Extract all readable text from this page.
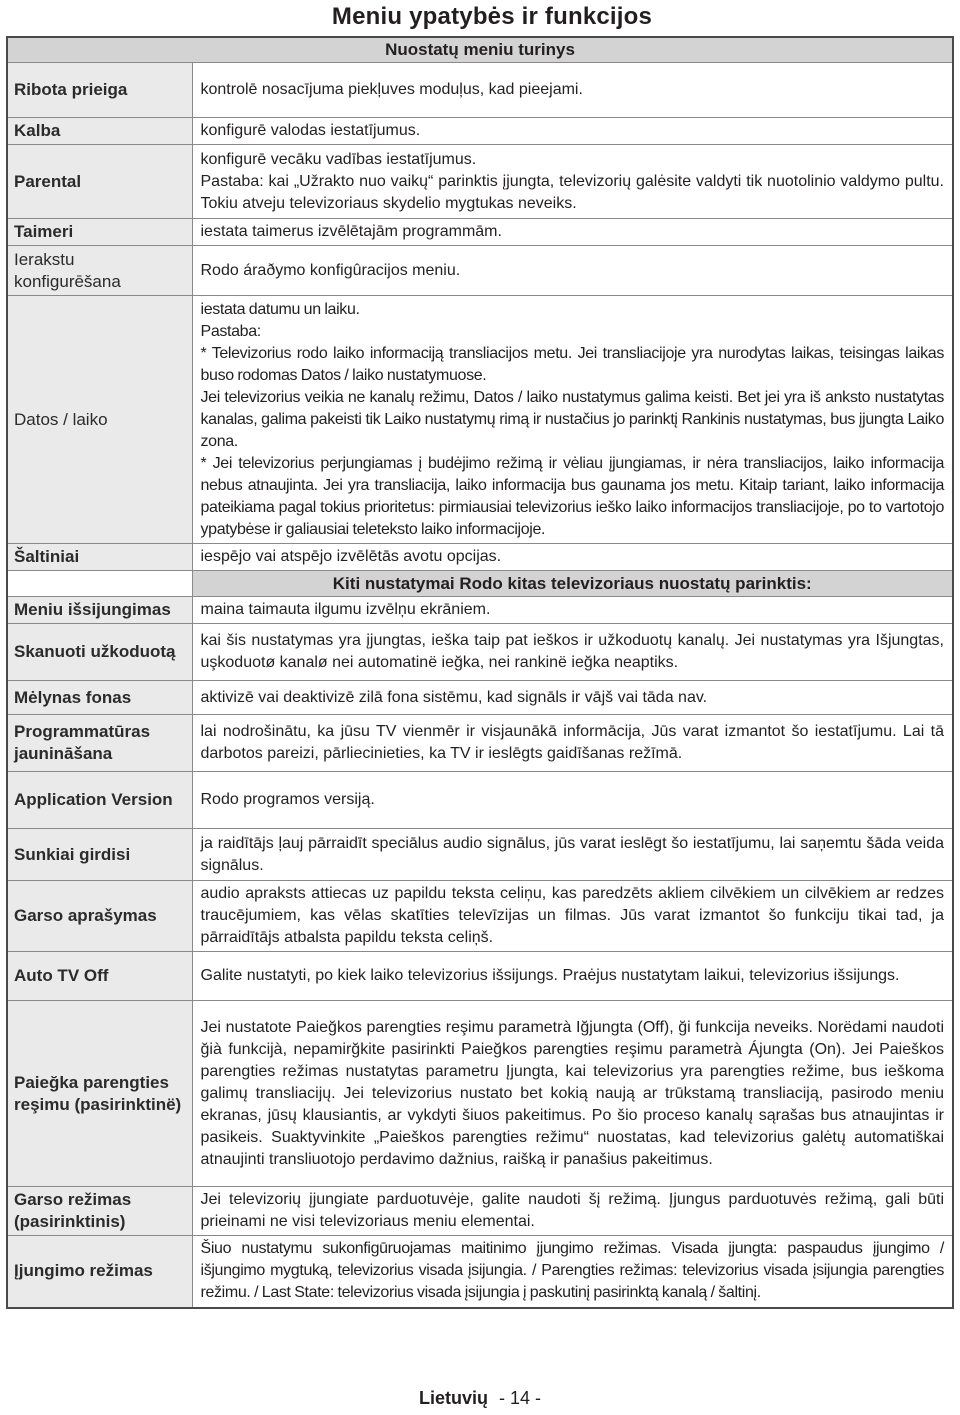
Meniu ypatybės ir funkcijos
Nuostatų meniu turinys	
Ribota prieiga	kontrolē nosacījuma piekļuves moduļus, kad pieejami.

Kalba	konfigurē valodas iestatījumus.

Parental	konfigurē vecāku vadības iestatījumus.

Pastaba: kai „Užrakto nuo vaikų“ parinktis įjungta, televizorių galėsite valdyti tik nuotolinio valdymo pultu. Tokiu atveju televizoriaus skydelio mygtukas neveiks.

Taimeri	iestata taimerus izvēlētajām programmām.

Ierakstu konfigurēšana	Rodo áraðymo konfigûracijos meniu.

Datos / laiko	iestata datumu un laiku.

Pastaba:

* Televizorius rodo laiko informaciją transliacijos metu. Jei transliacijoje yra nurodytas laikas, teisingas laikas buso rodomas Datos / laiko nustatymuose.

Jei televizorius veikia ne kanalų režimu, Datos / laiko nustatymus galima keisti. Bet jei yra iš anksto nustatytas kanalas, galima pakeisti tik Laiko nustatymų rimą ir nustačius jo parinktį Rankinis nustatymas, bus įjungta Laiko zona.

* Jei televizorius perjungiamas į budėjimo režimą ir vėliau įjungiamas, ir nėra transliacijos, laiko informacija nebus atnaujinta. Jei yra transliacija, laiko informacija bus gaunama jos metu. Kitaip tariant, laiko informacija pateikiama pagal tokius prioritetus: pirmiausiai televizorius ieško laiko informacijos transliacijoje, po to vartotojo ypatybėse ir galiausiai teleteksto laiko informacijoje.

Šaltiniai	iespējo vai atspējo izvēlētās avotu opcijas.

	Kiti nustatymai Rodo kitas televizoriaus nuostatų parinktis:
Meniu išsijungimas	maina taimauta ilgumu izvēlņu ekrāniem.

Skanuoti užkoduotą	kai šis nustatymas yra įjungtas, ieška taip pat ieškos ir užkoduotų kanalų. Jei nustatymas yra Išjungtas, uşkoduotø kanalø nei automatinë ieğka, nei rankinë ieğka neaptiks.

Mėlynas fonas	aktivizē vai deaktivizē zilā fona sistēmu, kad signāls ir vājš vai tāda nav.

Programmatūras jaunināšana	lai nodrošinātu, ka jūsu TV vienmēr ir visjaunākā informācija, Jūs varat izmantot šo iestatījumu. Lai tā darbotos pareizi, pārliecinieties, ka TV ir ieslēgts gaidīšanas režīmā.

Application Version	Rodo programos versiją.

Sunkiai girdisi	ja raidītājs ļauj pārraidīt speciālus audio signālus, jūs varat ieslēgt šo iestatījumu, lai saņemtu šāda veida signālus.

Garso aprašymas	audio apraksts attiecas uz papildu teksta celiņu, kas paredzēts akliem cilvēkiem un cilvēkiem ar redzes traucējumiem, kas vēlas skatīties televīzijas un filmas. Jūs varat izmantot šo funkciju tikai tad, ja pārraidītājs atbalsta papildu teksta celiņš.

Auto TV Off	Galite nustatyti, po kiek laiko televizorius išsijungs. Praėjus nustatytam laikui, televizorius išsijungs.

Paieğka parengties reşimu (pasirinktinë)	Jei nustatote Paieğkos parengties reşimu parametrà Iğjungta (Off), ği funkcija neveiks. Norëdami naudoti ğià funkcijà, nepamirğkite pasirinkti Paieğkos parengties reşimu parametrà Ájungta (On). Jei Paieškos parengties režimas nustatytas parametru Įjungta, kai televizorius yra parengties režime, bus ieškoma galimų transliacijų. Jei televizorius nustato bet kokią naują ar trūkstamą transliaciją, pasirodo meniu ekranas, jūsų klausiantis, ar vykdyti šiuos pakeitimus. Po šio proceso kanalų sąrašas bus atnaujintas ir pasikeis. Suaktyvinkite „Paieškos parengties režimu“ nuostatas, kad televizorius galėtų automatiškai atnaujinti transliuotojo perdavimo dažnius, raišką ir panašius pakeitimus.

Garso režimas (pasirinktinis)	Jei televizorių įjungiate parduotuvėje, galite naudoti šį režimą. Įjungus parduotuvės režimą, gali būti prieinami ne visi televizoriaus meniu elementai.

Įjungimo režimas	Šiuo nustatymu sukonfigūruojamas maitinimo įjungimo režimas. Visada įjungta: paspaudus įjungimo / išjungimo mygtuką, televizorius visada įsijungia. / Parengties režimas: televizorius visada įsijungia parengties režimu. / Last State: televizorius visada įsijungia į paskutinį pasirinktą kanalą / šaltinį.

Lietuvių - 14 -
